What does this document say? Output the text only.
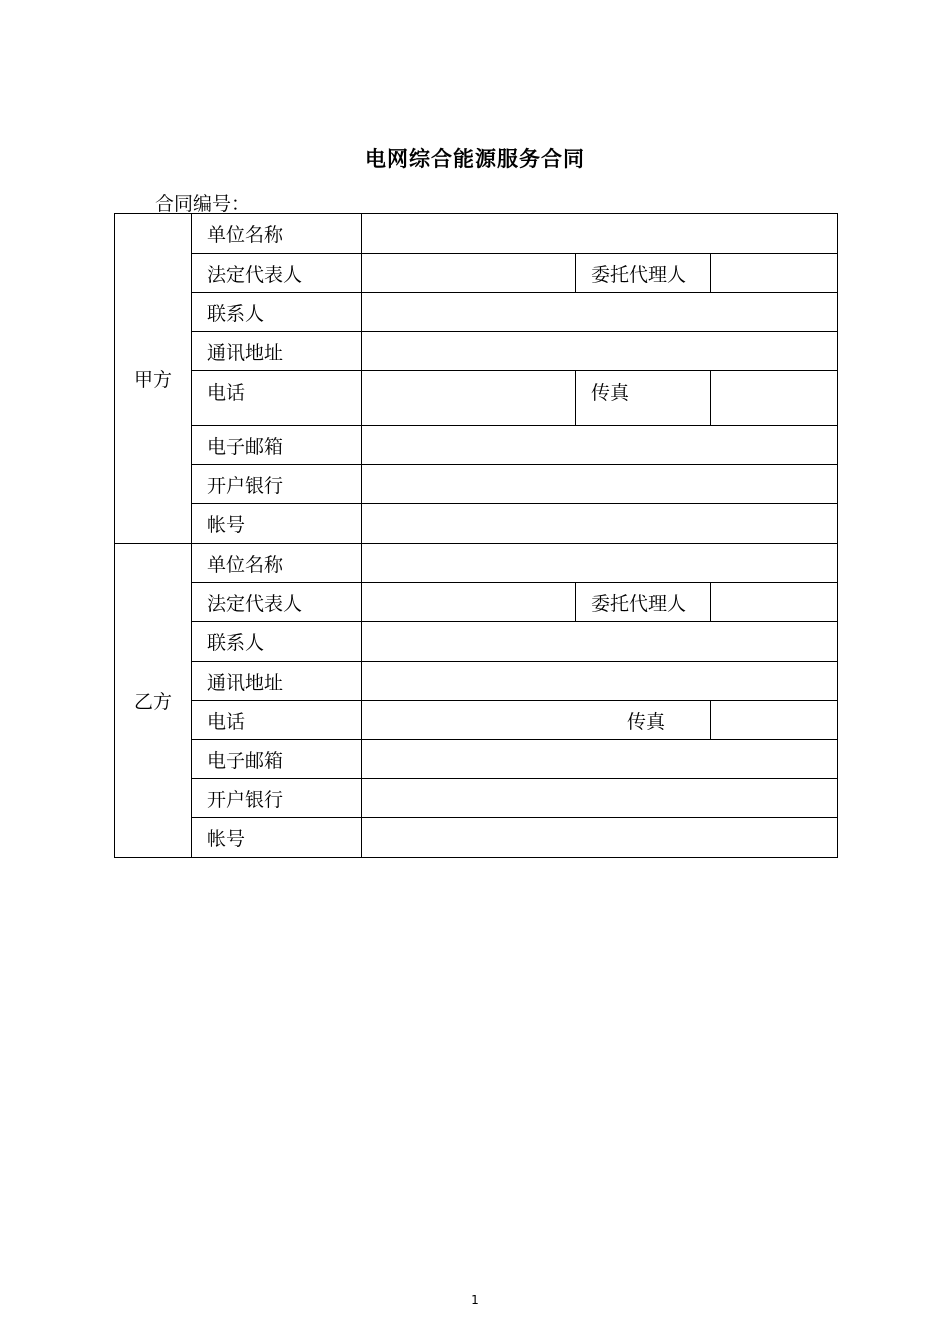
电网综合能源服务合同
合同编号：
甲方	单位名称			
	法定代表人		委托代理人	
	联系人			
	通讯地址			
	电话		传真	
	电子邮箱			
	开户银行			
	帐号			
乙方	单位名称			
	法定代表人		委托代理人	
	联系人			
	通讯地址			
	电话	传真		
	电子邮箱			
	开户银行			
	帐号			
1
